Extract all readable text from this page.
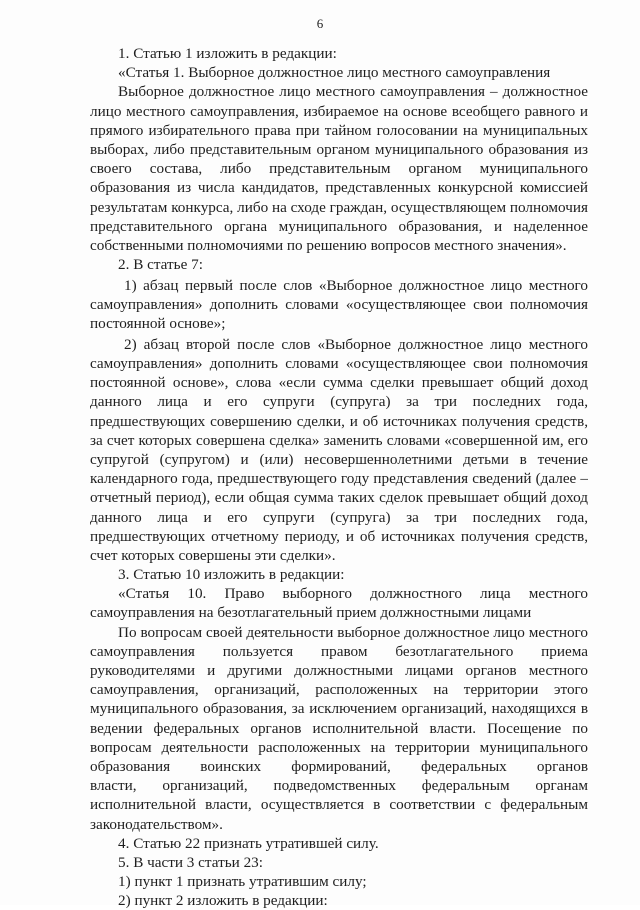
6
1. Статью 1 изложить в редакции:
«Статья 1. Выборное должностное лицо местного самоуправления
Выборное должностное лицо местного самоуправления – должностное
лицо местного самоуправления, избираемое на основе всеобщего равного и
прямого избирательного права при тайном голосовании на муниципальных
выборах, либо представительным органом муниципального образования из
своего состава, либо представительным органом муниципального
образования из числа кандидатов, представленных конкурсной комиссией
результатам конкурса, либо на сходе граждан, осуществляющем полномочия
представительного органа муниципального образования, и наделенное
собственными полномочиями по решению вопросов местного значения».
2. В статье 7:
1) абзац первый после слов «Выборное должностное лицо местного
самоуправления» дополнить словами «осуществляющее свои полномочия
постоянной основе»;
2) абзац второй после слов «Выборное должностное лицо местного
самоуправления» дополнить словами «осуществляющее свои полномочия
постоянной основе», слова «если сумма сделки превышает общий доход
данного лица и его супруги (супруга) за три последних года,
предшествующих совершению сделки, и об источниках получения средств,
за счет которых совершена сделка» заменить словами «совершенной им, его
супругой (супругом) и (или) несовершеннолетними детьми в течение
календарного года, предшествующего году представления сведений (далее –
отчетный период), если общая сумма таких сделок превышает общий доход
данного лица и его супруги (супруга) за три последних года,
предшествующих отчетному периоду, и об источниках получения средств,
счет которых совершены эти сделки».
3. Статью 10 изложить в редакции:
«Статья 10. Право выборного должностного лица местного
самоуправления на безотлагательный прием должностными лицами
По вопросам своей деятельности выборное должностное лицо местного
самоуправления пользуется правом безотлагательного приема
руководителями и другими должностными лицами органов местного
самоуправления, организаций, расположенных на территории этого
муниципального образования, за исключением организаций, находящихся в
ведении федеральных органов исполнительной власти. Посещение по
вопросам деятельности расположенных на территории муниципального
образования воинских формирований, федеральных органов
власти, организаций, подведомственных федеральным органам
исполнительной власти, осуществляется в соответствии с федеральным
законодательством».
4. Статью 22 признать утратившей силу.
5. В части 3 статьи 23:
1) пункт 1 признать утратившим силу;
2) пункт 2 изложить в редакции:
